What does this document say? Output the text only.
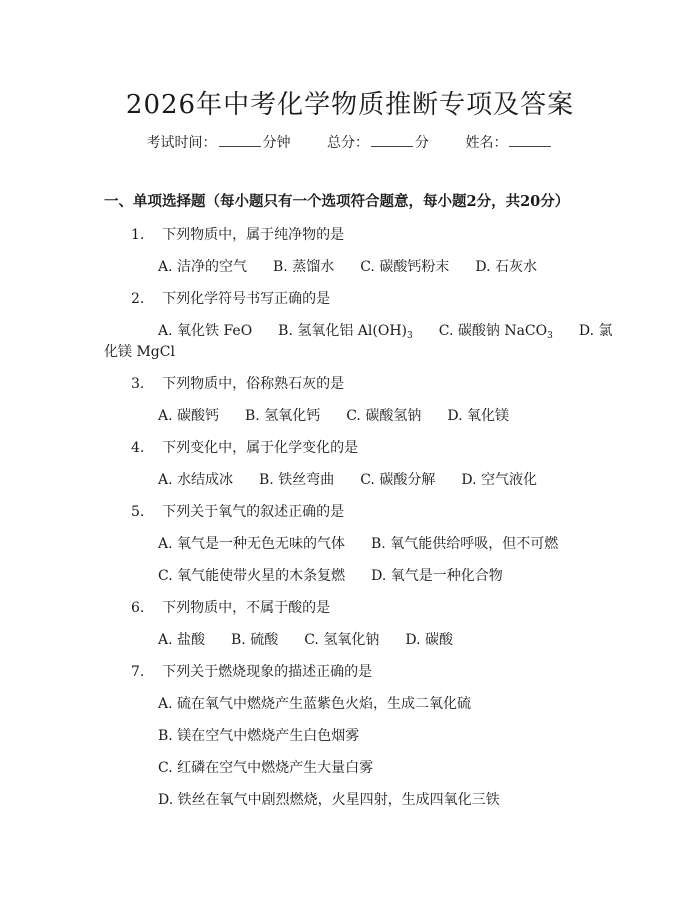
2026年中考化学物质推断专项及答案
考试时间：	分钟	总分：	分	姓名：
一、单项选择题（每小题只有一个选项符合题意，每小题2分，共20分）
1. 下列物质中，属于纯净物的是
A. 洁净的空气 B. 蒸馏水 C. 碳酸钙粉末 D. 石灰水
2. 下列化学符号书写正确的是
A. 氧化铁 FeO B. 氢氧化铝 $Al(OH)_3$ C. 碳酸钠 NaCO$_3$ D. 氯
化镁 MgCl
3. 下列物质中，俗称熟石灰的是
A. 碳酸钙 B. 氢氧化钙 C. 碳酸氢钠 D. 氧化镁
4. 下列变化中，属于化学变化的是
A. 水结成冰 B. 铁丝弯曲 C. 碳酸分解 D. 空气液化
5. 下列关于氧气的叙述正确的是
A. 氧气是一种无色无味的气体 B. 氧气能供给呼吸，但不可燃
C. 氧气能使带火星的木条复燃 D. 氧气是一种化合物
6. 下列物质中，不属于酸的是
A. 盐酸 B. 硫酸 C. 氢氧化钠 D. 碳酸
7. 下列关于燃烧现象的描述正确的是
A. 硫在氧气中燃烧产生蓝紫色火焰，生成二氧化硫
B. 镁在空气中燃烧产生白色烟雾
C. 红磷在空气中燃烧产生大量白雾
D. 铁丝在氧气中剧烈燃烧，火星四射，生成四氧化三铁
